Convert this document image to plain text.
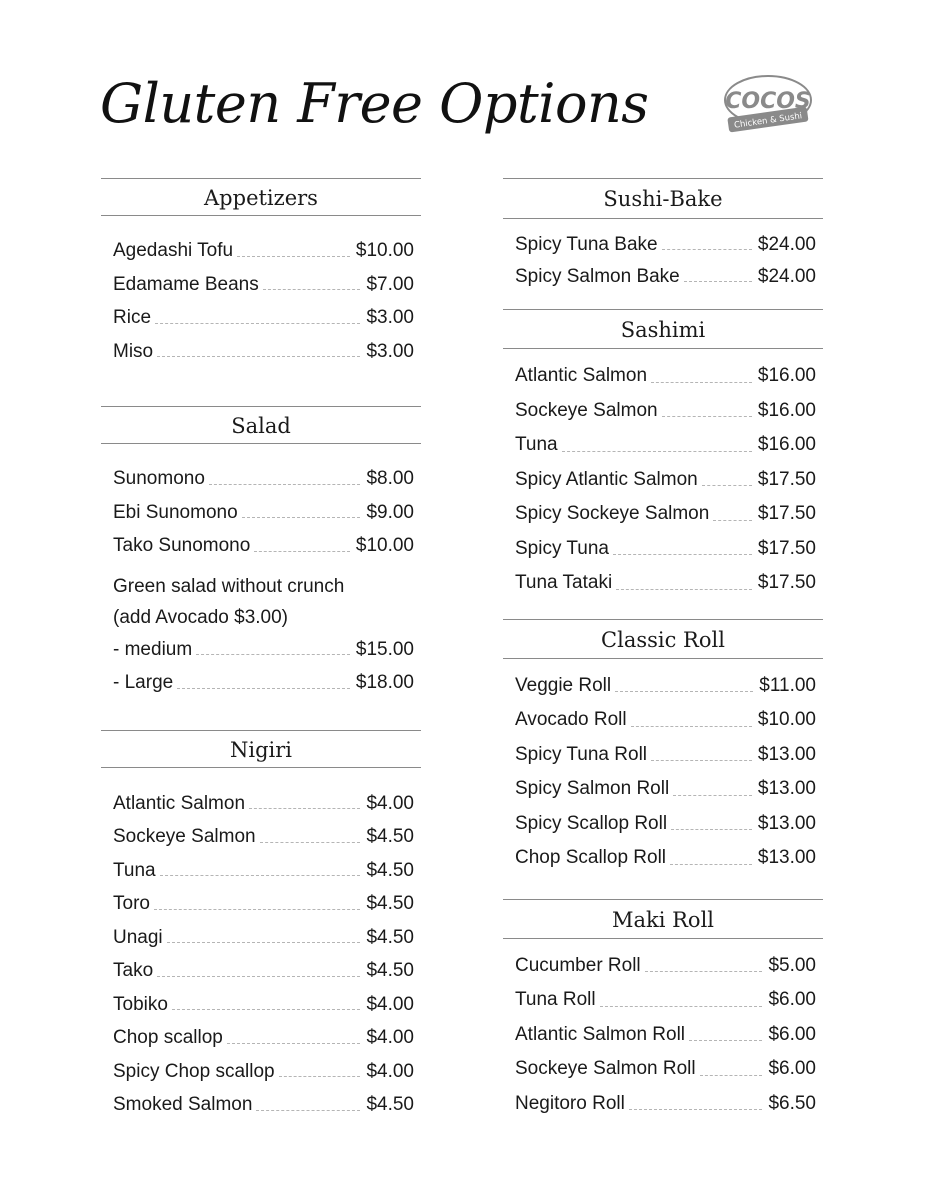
Gluten Free Options	COCOS
Chicken & Sushi
Appetizers
Agedashi Tofu	$10.00
Edamame Beans	$7.00
Rice	$3.00
Miso	$3.00
Salad
Sunomono	$8.00
Ebi Sunomono	$9.00
Tako Sunomono	$10.00
Green salad without crunch
(add Avocado $3.00)
- medium	$15.00
- Large	$18.00
Nigiri
Atlantic Salmon	$4.00
Sockeye Salmon	$4.50
Tuna	$4.50
Toro	$4.50
Unagi	$4.50
Tako	$4.50
Tobiko	$4.00
Chop scallop	$4.00
Spicy Chop scallop	$4.00
Smoked Salmon	$4.50
Sushi-Bake
Spicy Tuna Bake	$24.00
Spicy Salmon Bake	$24.00
Sashimi
Atlantic Salmon	$16.00
Sockeye Salmon	$16.00
Tuna	$16.00
Spicy Atlantic Salmon	$17.50
Spicy Sockeye Salmon	$17.50
Spicy Tuna	$17.50
Tuna Tataki	$17.50
Classic Roll
Veggie Roll	$11.00
Avocado Roll	$10.00
Spicy Tuna Roll	$13.00
Spicy Salmon Roll	$13.00
Spicy Scallop Roll	$13.00
Chop Scallop Roll	$13.00
Maki Roll
Cucumber Roll	$5.00
Tuna Roll	$6.00
Atlantic Salmon Roll	$6.00
Sockeye Salmon Roll	$6.00
Negitoro Roll	$6.50
